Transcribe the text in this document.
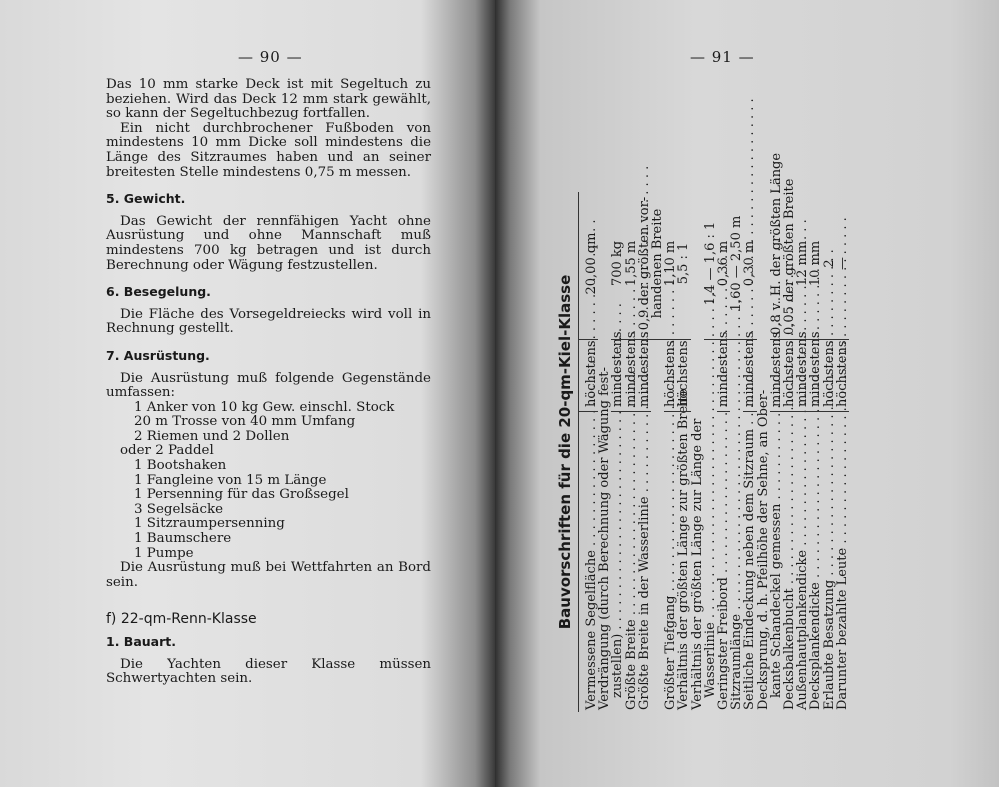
— 90 —

Das 10 mm starke Deck ist mit Segeltuch zu beziehen. Wird das Deck 12 mm stark gewählt, so kann der Segeltuchbezug fortfallen.

Ein nicht durchbrochener Fußboden von mindestens 10 mm Dicke soll mindestens die Länge des Sitzraumes haben und an seiner breitesten Stelle mindestens 0,75 m messen.

5. Gewicht.

Das Gewicht der rennfähigen Yacht ohne Ausrüstung und ohne Mannschaft muß mindestens 700 kg betragen und ist durch Berechnung oder Wägung festzustellen.

6. Besegelung.

Die Fläche des Vorsegeldreiecks wird voll in Rechnung gestellt.

7. Ausrüstung.

Die Ausrüstung muß folgende Gegenstände umfassen:

1 Anker von 10 kg Gew. einschl. Stock
20 m Trosse von 40 mm Umfang
2 Riemen und 2 Dollen
oder 2 Paddel
1 Bootshaken
1 Fangleine von 15 m Länge
1 Persenning für das Großsegel
3 Segelsäcke
1 Sitzraumpersenning
1 Baumschere
1 Pumpe

Die Ausrüstung muß bei Wettfahrten an Bord sein.

f) 22-qm-Renn-Klasse

1. Bauart.

Die Yachten dieser Klasse müssen Schwertyachten sein.

— 91 —

Bauvorschriften für die 20-qm-Kiel-Klasse

Vermessene Segelfläche . . .
höchstens
20,00 qm
Verdrängung (durch Berechnung oder Wägung fest-
zustellen) . . .
mindestens
700 kg
Größte Breite . . .
mindestens
1,55 m
Größte Breite in der Wasserlinie . . .
mindestens
0,9 der größten vor-
handenen Breite
Größter Tiefgang . . .
höchstens
1,10 m
Verhältnis der größten Länge zur größten Breite
höchstens
5,5 : 1
Verhältnis der größten Länge zur Länge der
Wasserlinie . . .
1,4 — 1,6 : 1
Geringster Freibord . . .
mindestens
0,36 m
Sitzraumlänge . . .
1,60 — 2,50 m
Seitliche Eindeckung neben dem Sitzraum . . .
mindestens
0,30 m
Decksprung, d. h. Pfeilhöhe der Sehne, an Ober-
kante Schandeckel gemessen . . .
mindestens
0,8 v. H. der größten Länge
Decksbalkenbucht . . .
höchstens
0,05 der größten Breite
Außenhautplankendicke . . .
mindestens
12 mm
Decksplankendicke . . .
mindestens
10 mm
Erlaubte Besatzung . . .
höchstens
2
Darunter bezahlte Leute . . .
höchstens
—
